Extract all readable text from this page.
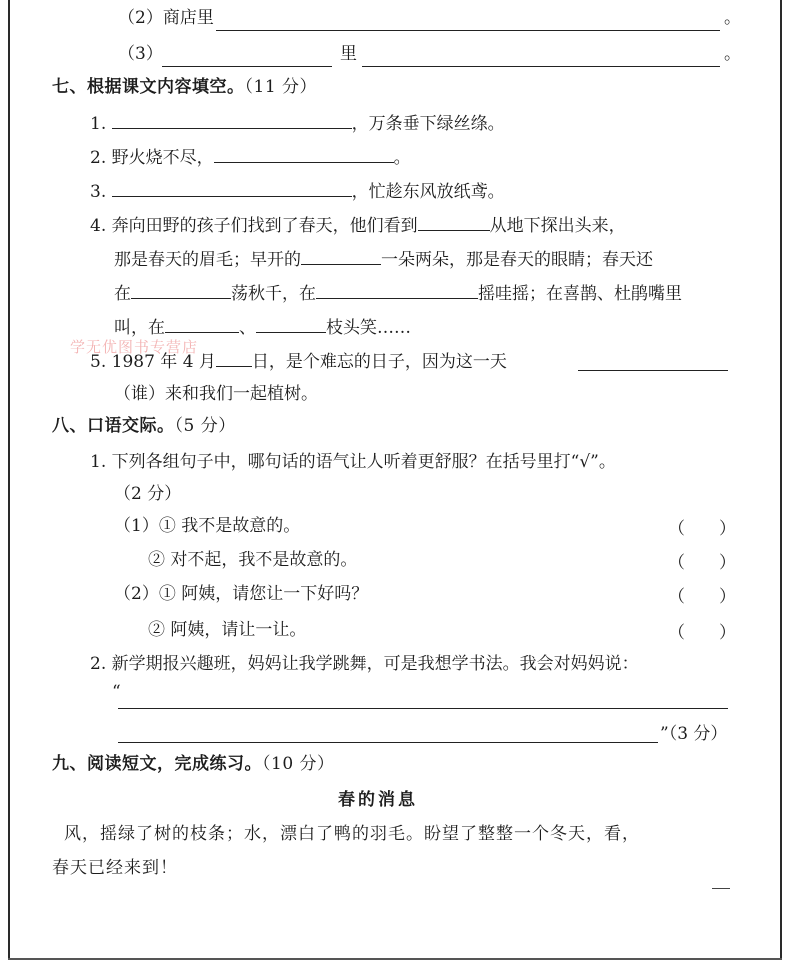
（2）商店里	。
（3）	里	。
七、根据课文内容填空。（11 分）
1.	，万条垂下绿丝绦。
2. 野火烧不尽，	。
3.	，忙趁东风放纸鸢。
4. 奔向田野的孩子们找到了春天，他们看到	从地下探出头来，
那是春天的眉毛；早开的	一朵两朵，那是春天的眼睛；春天还
在	荡秋千，在	摇哇摇；在喜鹊、杜鹃嘴里
叫，在	、	枝头笑……
学无优图书专营店
5. 1987 年 4 月 日，是个难忘的日子，因为这一天
（谁）来和我们一起植树。
八、口语交际。（5 分）
1. 下列各组句子中，哪句话的语气让人听着更舒服？在括号里打“√”。
（2 分）
（1）① 我不是故意的。	（　　）
② 对不起，我不是故意的。	（　　）
（2）① 阿姨，请您让一下好吗？	（　　）
② 阿姨，请让一让。	（　　）
2. 新学期报兴趣班，妈妈让我学跳舞，可是我想学书法。我会对妈妈说：
“
”（3 分）
九、阅读短文，完成练习。（10 分）
春的消息
风，摇绿了树的枝条；水，漂白了鸭的羽毛。盼望了整整一个冬天，看，
春天已经来到！
